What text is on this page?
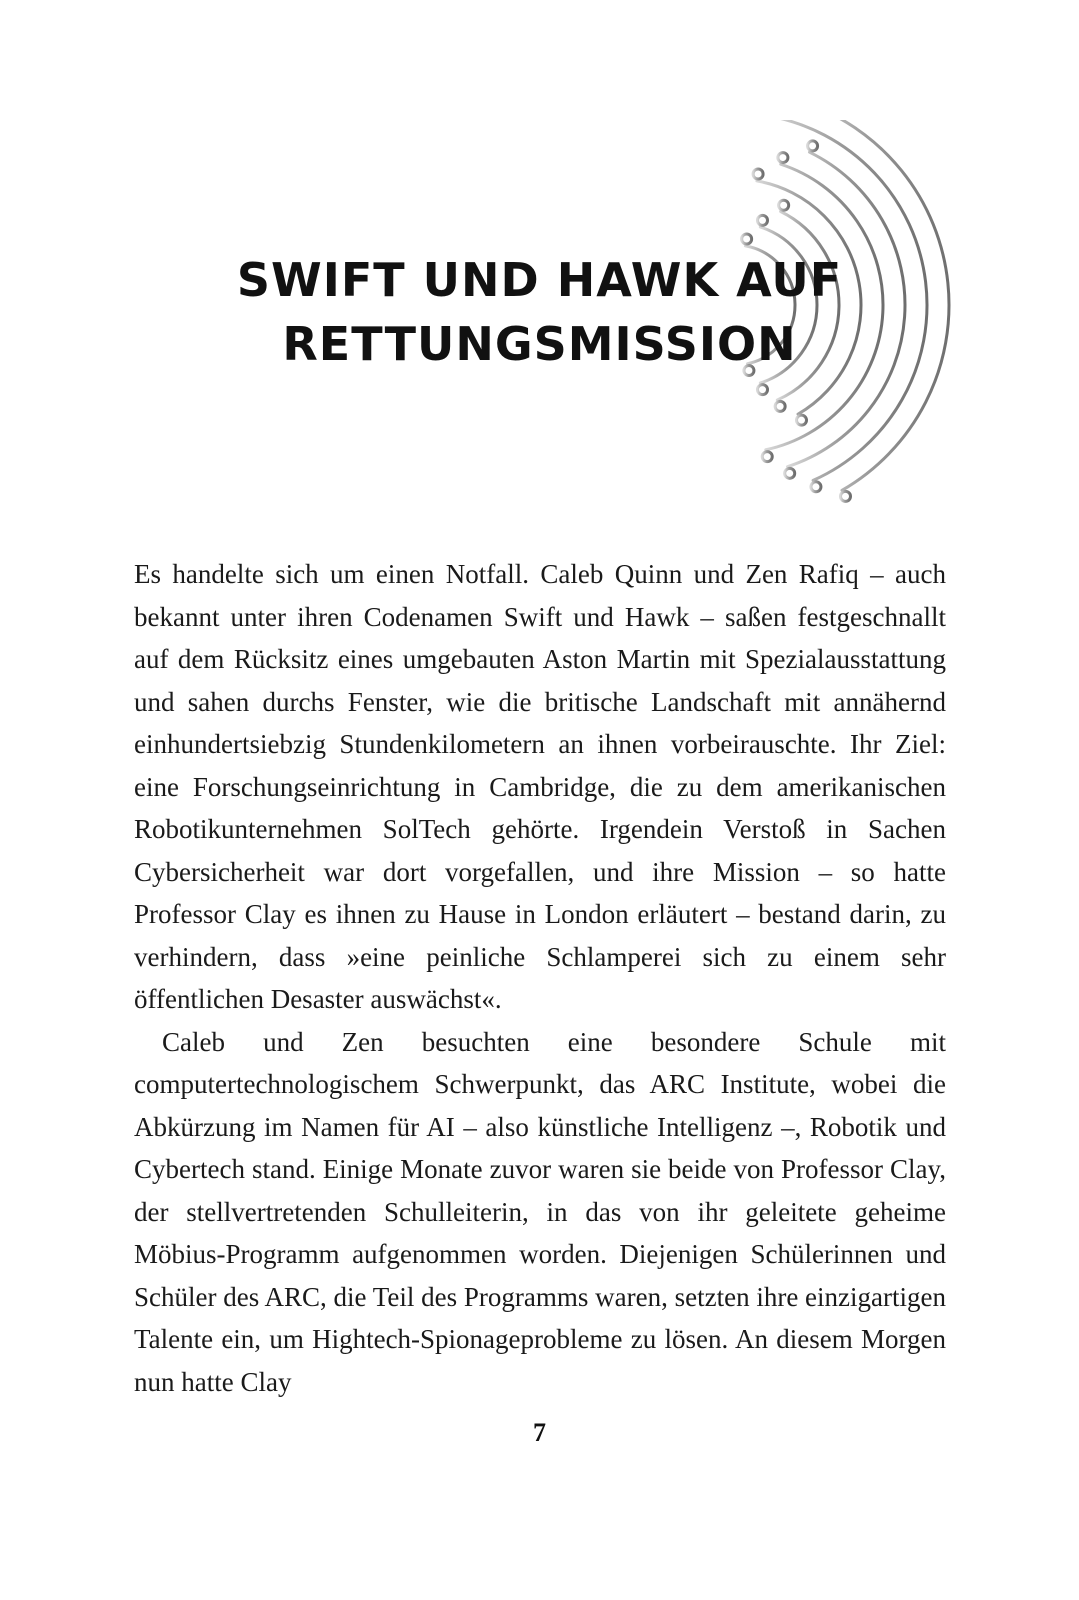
SWIFT UND HAWK AUF
RETTUNGSMISSION

Es handelte sich um einen Notfall. Caleb Quinn und Zen Rafiq – auch bekannt unter ihren Codenamen Swift und Hawk – saßen festgeschnallt auf dem Rücksitz eines umgebauten Aston Martin mit Spezialausstattung und sahen durchs Fenster, wie die britische Landschaft mit annähernd einhundertsiebzig Stundenkilometern an ihnen vorbeirauschte. Ihr Ziel: eine Forschungseinrichtung in Cambridge, die zu dem amerikanischen Robotikunternehmen SolTech gehörte. Irgendein Verstoß in Sachen Cybersicherheit war dort vorgefallen, und ihre Mission – so hatte Professor Clay es ihnen zu Hause in London erläutert – bestand darin, zu verhindern, dass »eine peinliche Schlamperei sich zu einem sehr öffentlichen Desaster auswächst«.

Caleb und Zen besuchten eine besondere Schule mit computertechnologischem Schwerpunkt, das ARC Institute, wobei die Abkürzung im Namen für AI – also künstliche Intelligenz –, Robotik und Cybertech stand. Einige Monate zuvor waren sie beide von Professor Clay, der stellvertretenden Schulleiterin, in das von ihr geleitete geheime Möbius-Programm aufgenommen worden. Diejenigen Schülerinnen und Schüler des ARC, die Teil des Programms waren, setzten ihre einzigartigen Talente ein, um Hightech-Spionageprobleme zu lösen. An diesem Morgen nun hatte Clay

7
